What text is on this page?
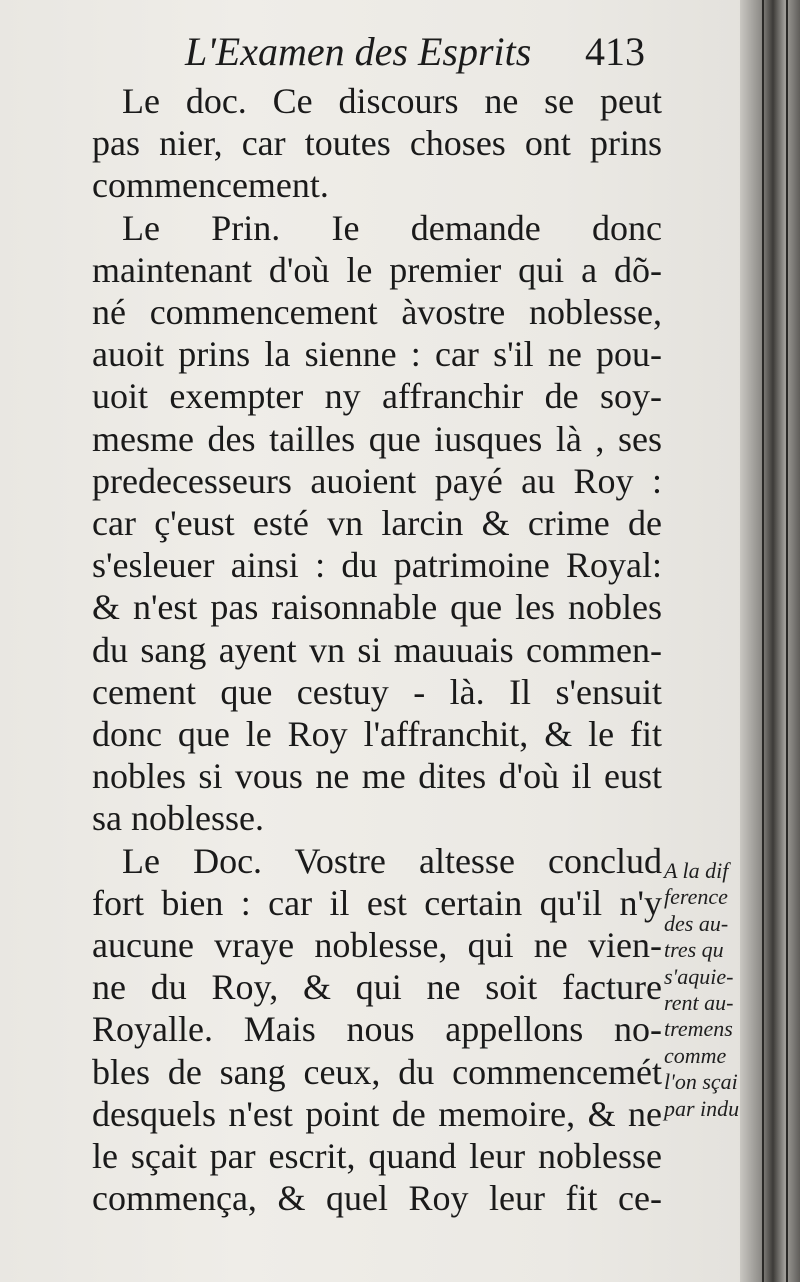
L'Examen des Esprits 413
Le doc. Ce discours ne se peut
pas nier, car toutes choses ont prins
commencement.
Le Prin. Ie demande donc
maintenant d'où le premier qui a dõ-
né commencement àvostre noblesse,
auoit prins la sienne : car s'il ne pou-
uoit exempter ny affranchir de soy-
mesme des tailles que iusques là , ses
predecesseurs auoient payé au Roy :
car ç'eust esté vn larcin & crime de
s'esleuer ainsi : du patrimoine Royal:
& n'est pas raisonnable que les nobles
du sang ayent vn si mauuais commen-
cement que cestuy - là. Il s'ensuit
donc que le Roy l'affranchit, & le fit
nobles si vous ne me dites d'où il eust
sa noblesse.
Le Doc. Vostre altesse conclud
fort bien : car il est certain qu'il n'y
aucune vraye noblesse, qui ne vien-
ne du Roy, & qui ne soit facture
Royalle. Mais nous appellons no-
bles de sang ceux, du commencemét
desquels n'est point de memoire, & ne
le sçait par escrit, quand leur noblesse
commença, & quel Roy leur fit ce-
A la dif
ference
des au-
tres qu
s'aquie-
rent au-
tremens
comme
l'on sçai
par indu
